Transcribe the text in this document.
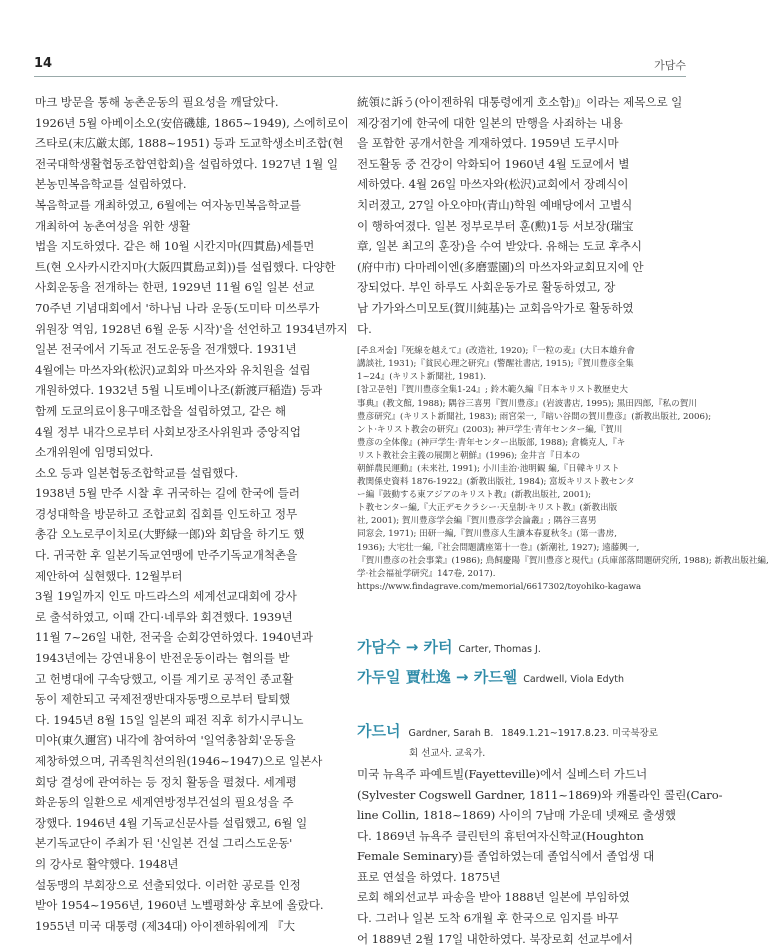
14	가담수
마크 방문을 통해 농촌운동의 필요성을 깨달았다.
1926년 5월 아베이소오(安倍磯雄, 1865~1949), 스에히로이
즈타로(末広厳太郎, 1888~1951) 등과 도교학생소비조합(현
전국대학생활협동조합연합회)을 설립하였다. 1927년 1월 일
본농민복음학교를 설립하였다.
복음학교를 개최하였고, 6월에는 여자농민복음학교를
개최하여 농촌여성을 위한 생활
법을 지도하였다. 같은 해 10월 시칸지마(四貫島)세틀먼
트(현 오사카시칸지마(大阪四貫島교회))를 설립했다. 다양한
사회운동을 전개하는 한편, 1929년 11월 6일 일본 선교
70주년 기념대회에서 '하나님 나라 운동(도미타 미쓰루가
위원장 역임, 1928년 6월 운동 시작)'을 선언하고 1934년까지
일본 전국에서 기독교 전도운동을 전개했다. 1931년
4월에는 마쓰자와(松沢)교회와 마쓰자와 유치원을 설립
개원하였다. 1932년 5월 니토베이나조(新渡戸稲造) 등과
함께 도쿄의료이용구매조합을 설립하였고, 같은 해
4월 정부 내각으로부터 사회보장조사위원과 중앙직업
소개위원에 임명되었다.
소오 등과 일본협동조합학교를 설립했다.
1938년 5월 만주 시찰 후 귀국하는 길에 한국에 들러
경성대학을 방문하고 조합교회 집회를 인도하고 정무
총감 오노로쿠이치로(大野緑一郎)와 회담을 하기도 했
다. 귀국한 후 일본기독교연맹에 만주기독교개척촌을
제안하여 실현했다. 12월부터
3월 19일까지 인도 마드라스의 세계선교대회에 강사
로 출석하였고, 이때 간디·네루와 회견했다. 1939년
11월 7~26일 내한, 전국을 순회강연하였다. 1940년과
1943년에는 강연내용이 반전운동이라는 혐의를 받
고 헌병대에 구속당했고, 이를 계기로 공적인 종교활
동이 제한되고 국제전쟁반대자동맹으로부터 탈퇴했
다. 1945년 8월 15일 일본의 패전 직후 히가시쿠니노
미야(東久邇宮) 내각에 참여하여 '일억총참회'운동을
제창하였으며, 귀족원칙선의원(1946~1947)으로 일본사
회당 결성에 관여하는 등 정치 활동을 펼쳤다. 세계평
화운동의 일환으로 세계연방정부건설의 필요성을 주
장했다. 1946년 4월 기독교신문사를 설립했고, 6월 일
본기독교단이 주최가 된 '신일본 건설 그리스도운동'
의 강사로 활약했다. 1948년
설동맹의 부회장으로 선출되었다. 이러한 공로를 인정
받아 1954~1956년, 1960년 노벨평화상 후보에 올랐다.
1955년 미국 대통령 (제34대) 아이젠하워에게 『大
統領に訴う(아이젠하워 대통령에게 호소함)』이라는 제목으로 일
제강점기에 한국에 대한 일본의 만행을 사죄하는 내용
을 포함한 공개서한을 게재하였다. 1959년 도쿠시마
전도활동 중 건강이 악화되어 1960년 4월 도쿄에서 별
세하였다. 4월 26일 마쓰자와(松沢)교회에서 장례식이
치러졌고, 27일 아오야마(青山)학원 예배당에서 고별식
이 행하여졌다. 일본 정부로부터 훈(勲)1등 서보장(瑞宝
章, 일본 최고의 훈장)을 수여 받았다. 유해는 도쿄 후추시
(府中市) 다마레이엔(多磨霊園)의 마쓰자와교회묘지에 안
장되었다. 부인 하루도 사회운동가로 활동하였고, 장
남 가가와스미모토(賀川純基)는 교회음악가로 활동하였
다.
[주요저술]『死線を越えて』(改造社, 1920);『一粒の麦』(大日本雄弁會
講談社, 1931);『貧民心理之研究』(警醒社書店, 1915);『賀川豊彦全集
1~24』(キリスト新聞社, 1981).
[참고문헌]『賀川豊彦全集1-24』; 鈴木範久編『日本キリスト教歴史大
事典』(教文館, 1988); 隅谷三喜男『賀川豊彦』(岩波書店, 1995); 黒田四郎,『私の賀川
豊彦研究』(キリスト新聞社, 1983); 雨宮栄一,『暗い谷間の賀川豊彦』(新教出版社, 2006);
ント·キリスト教会の研究』(2003); 神戸学生·青年センター編,『賀川
豊彦の全体像』(神戸学生·青年センター出版部, 1988); 倉橋克人,『キ
リスト教社会主義の展開と朝鮮』(1996); 金井言『日本の
朝鮮農民運動』(未来社, 1991); 小川圭治·池明観 編,『日韓キリスト
教関係史資料 1876-1922』(新教出版社, 1984); 富坂キリスト教センタ
ー編『鼓動する東アジアのキリスト教』(新教出版社, 2001);
ト教センター編,『大正デモクラシー·天皇制·キリスト教』(新教出版
社, 2001); 賀川豊彦学会編『賀川豊彦学会論叢』; 隅谷三喜男
同窓会, 1971); 田研一編,『賀川豊彦人生讀本春夏秋冬』(第一書房,
1936); 大宅壮一編,『社会問題講座第十一巻』(新潮社, 1927); 遠藤興一,
『賀川豊彦の社会事業』(1986); 鳥飼慶陽『賀川豊彦と現代』(兵庫部落問題研究所, 1988); 新教出版社編,
学·社会福祉学研究』147卷, 2017).
https://www.findagrave.com/memorial/6617302/toyohiko-kagawa
가담수 → 카터 Carter, Thomas J.
가두일 賈杜逸 → 카드웰 Cardwell, Viola Edyth
가드너 Gardner, Sarah B. 1849.1.21~1917.8.23. 미국북장로
회 선교사. 교육가.
미국 뉴욕주 파예트빌(Fayetteville)에서 실베스터 가드너
(Sylvester Cogswell Gardner, 1811~1869)와 캐롤라인 콜린(Caro-
line Collin, 1818~1869) 사이의 7남매 가운데 넷째로 출생했
다. 1869년 뉴욕주 클린턴의 휴턴여자신학교(Houghton
Female Seminary)를 졸업하였는데 졸업식에서 졸업생 대
표로 연설을 하였다. 1875년
로회 해외선교부 파송을 받아 1888년 일본에 부임하였
다. 그러나 일본 도착 6개월 후 한국으로 임지를 바꾸
어 1889년 2월 17일 내한하였다. 북장로회 선교부에서
